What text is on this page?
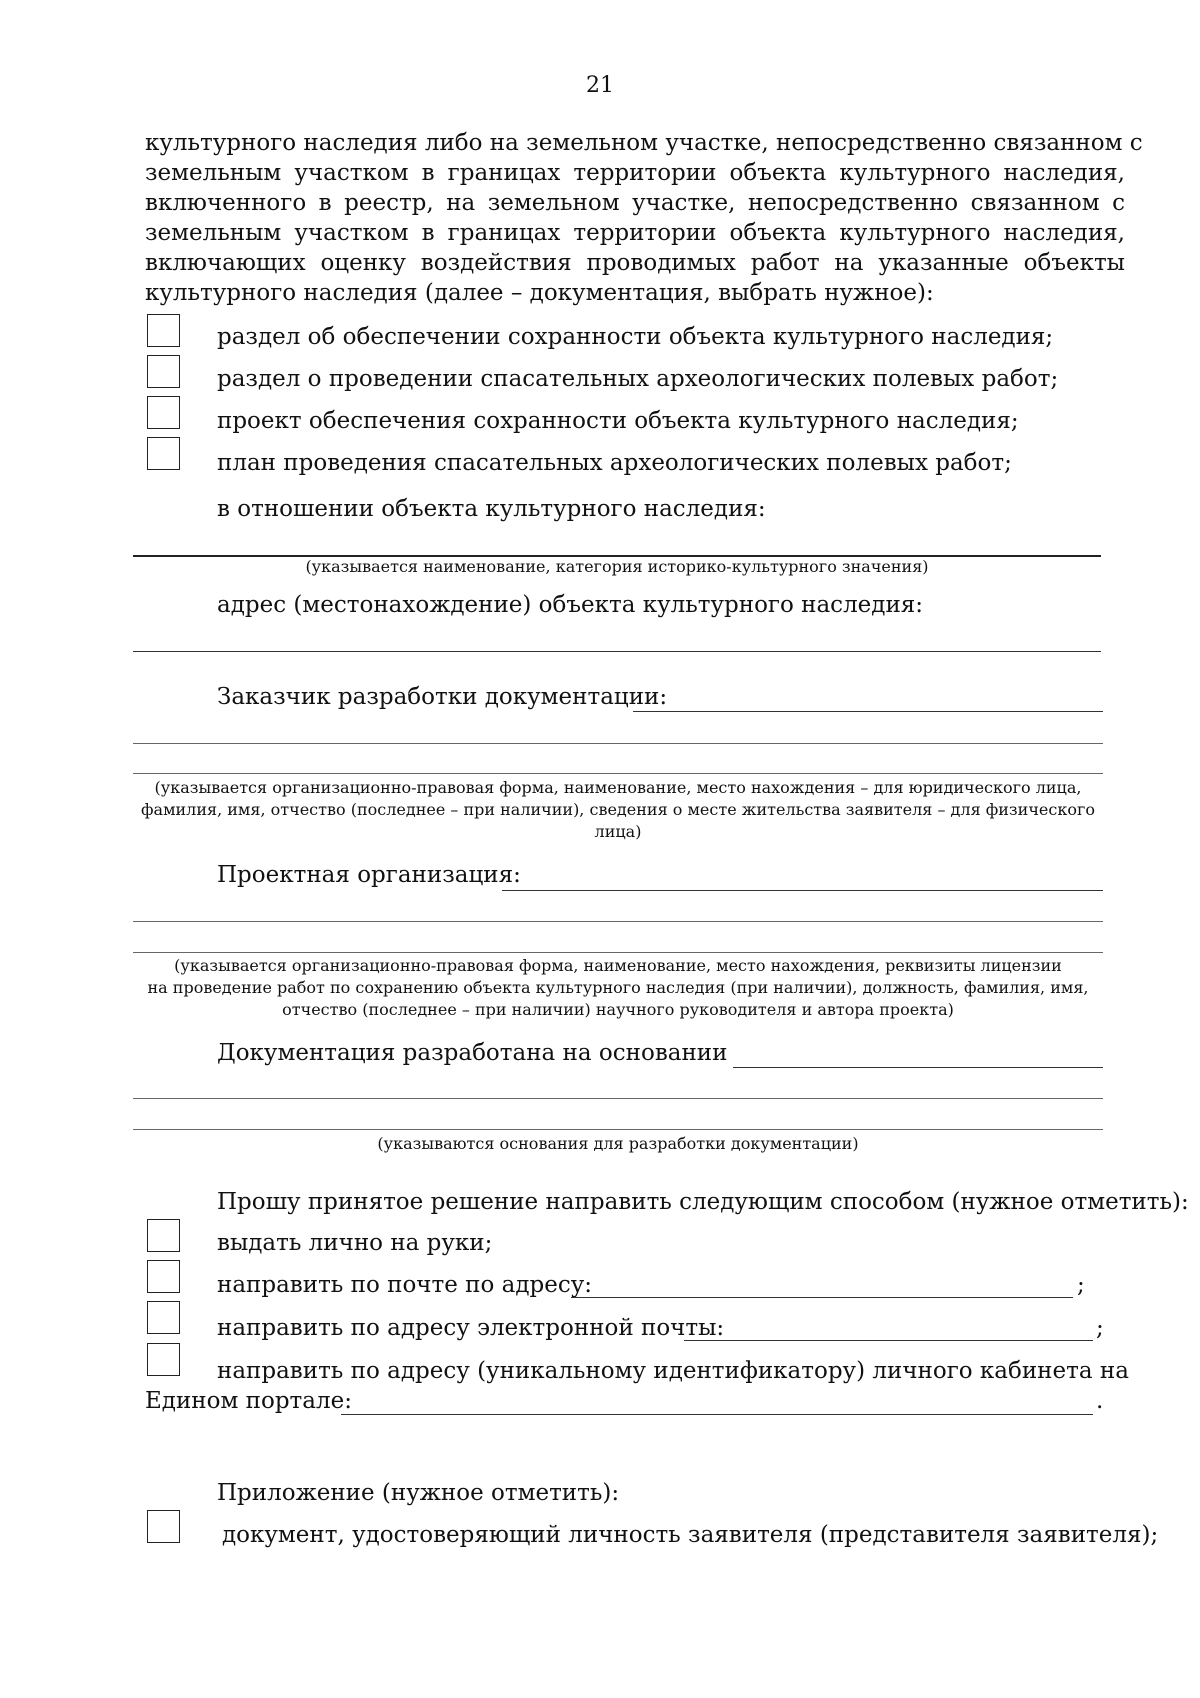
21
культурного наследия либо на земельном участке, непосредственно связанном с
земельным участком в границах территории объекта культурного наследия,
включенного в реестр, на земельном участке, непосредственно связанном с
земельным участком в границах территории объекта культурного наследия,
включающих оценку воздействия проводимых работ на указанные объекты
культурного наследия (далее – документация, выбрать нужное):
раздел об обеспечении сохранности объекта культурного наследия;
раздел о проведении спасательных археологических полевых работ;
проект обеспечения сохранности объекта культурного наследия;
план проведения спасательных археологических полевых работ;
в отношении объекта культурного наследия:
(указывается наименование, категория историко-культурного значения)
адрес (местонахождение) объекта культурного наследия:
Заказчик разработки документации:
(указывается организационно-правовая форма, наименование, место нахождения – для юридического лица,
фамилия, имя, отчество (последнее – при наличии), сведения о месте жительства заявителя – для физического
лица)
Проектная организация:
(указывается организационно-правовая форма, наименование, место нахождения, реквизиты лицензии
на проведение работ по сохранению объекта культурного наследия (при наличии), должность, фамилия, имя,
отчество (последнее – при наличии) научного руководителя и автора проекта)
Документация разработана на основании
(указываются основания для разработки документации)
Прошу принятое решение направить следующим способом (нужное отметить):
выдать лично на руки;
направить по почте по адресу:	;
направить по адресу электронной почты:	;
направить по адресу (уникальному идентификатору) личного кабинета на
Едином портале:	.
Приложение (нужное отметить):
документ, удостоверяющий личность заявителя (представителя заявителя);
